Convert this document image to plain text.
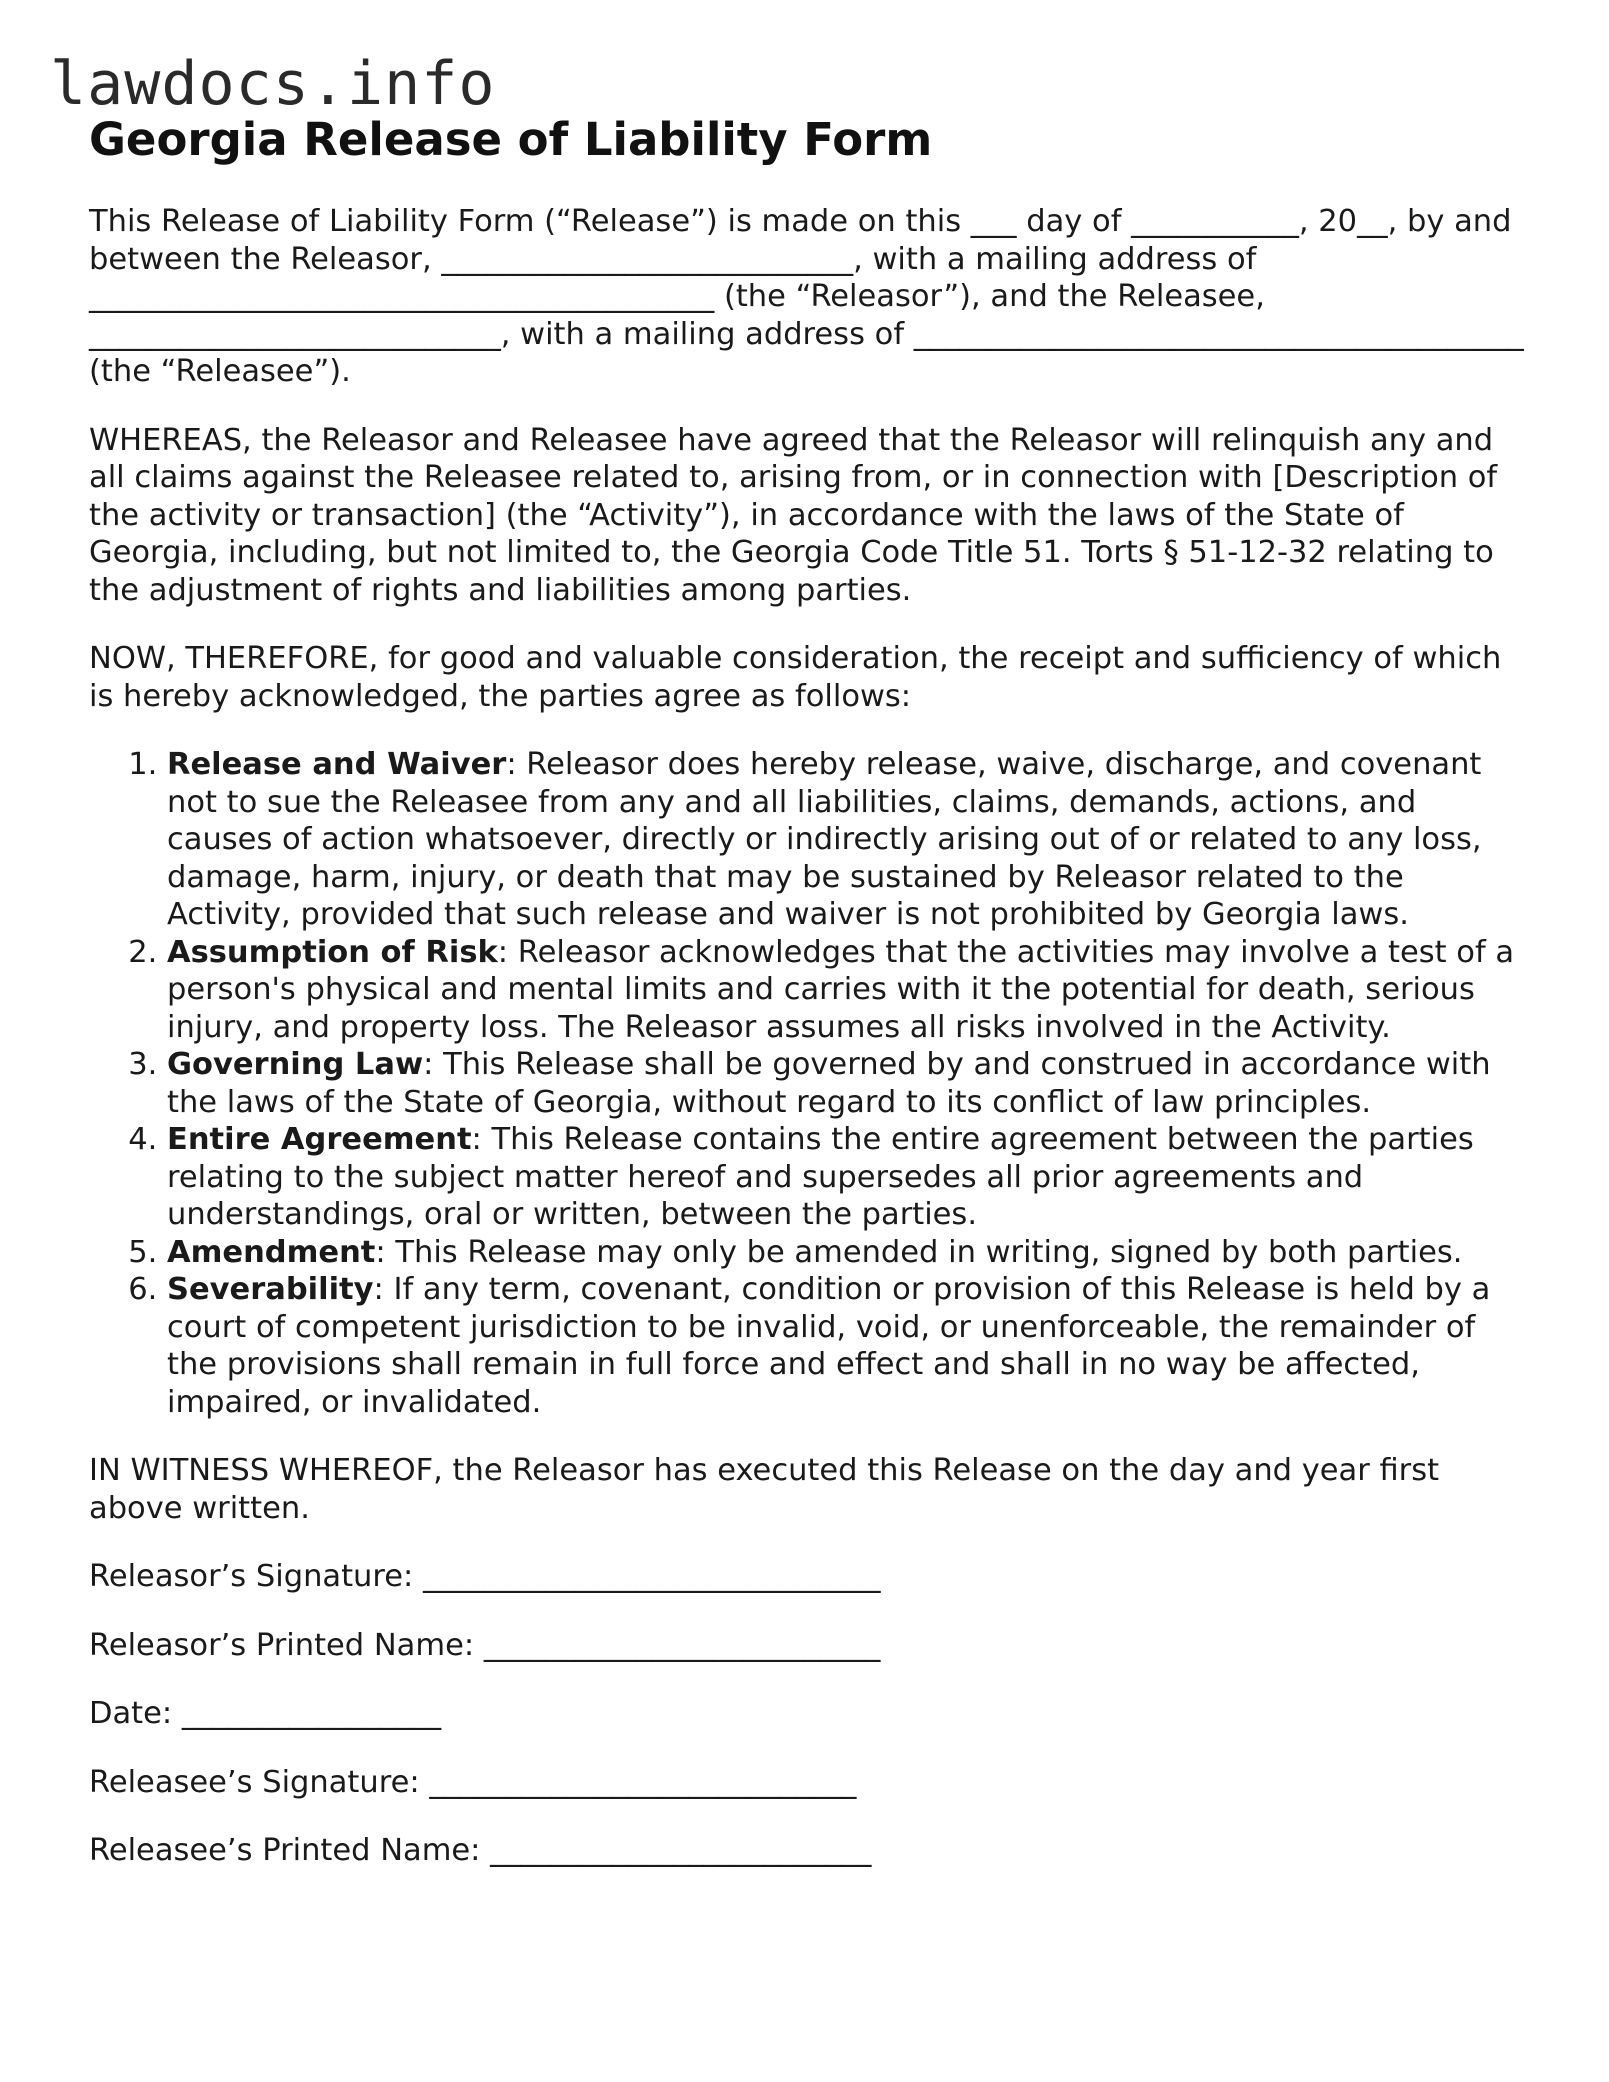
lawdocs.info
Georgia Release of Liability Form

This Release of Liability Form (“Release”) is made on this ___ day of ___________, 20__, by and between the Releasor, ___________________________, with a mailing address of _________________________________________ (the “Releasor”), and the Releasee, ___________________________, with a mailing address of ________________________________________ (the “Releasee”).

WHEREAS, the Releasor and Releasee have agreed that the Releasor will relinquish any and all claims against the Releasee related to, arising from, or in connection with [Description of the activity or transaction] (the “Activity”), in accordance with the laws of the State of Georgia, including, but not limited to, the Georgia Code Title 51. Torts § 51-12-32 relating to the adjustment of rights and liabilities among parties.

NOW, THEREFORE, for good and valuable consideration, the receipt and sufficiency of which is hereby acknowledged, the parties agree as follows:

1. Release and Waiver: Releasor does hereby release, waive, discharge, and covenant not to sue the Releasee from any and all liabilities, claims, demands, actions, and causes of action whatsoever, directly or indirectly arising out of or related to any loss, damage, harm, injury, or death that may be sustained by Releasor related to the Activity, provided that such release and waiver is not prohibited by Georgia laws.
2. Assumption of Risk: Releasor acknowledges that the activities may involve a test of a person's physical and mental limits and carries with it the potential for death, serious injury, and property loss. The Releasor assumes all risks involved in the Activity.
3. Governing Law: This Release shall be governed by and construed in accordance with the laws of the State of Georgia, without regard to its conflict of law principles.
4. Entire Agreement: This Release contains the entire agreement between the parties relating to the subject matter hereof and supersedes all prior agreements and understandings, oral or written, between the parties.
5. Amendment: This Release may only be amended in writing, signed by both parties.
6. Severability: If any term, covenant, condition or provision of this Release is held by a court of competent jurisdiction to be invalid, void, or unenforceable, the remainder of the provisions shall remain in full force and effect and shall in no way be affected, impaired, or invalidated.

IN WITNESS WHEREOF, the Releasor has executed this Release on the day and year first above written.

Releasor’s Signature: ______________________________

Releasor’s Printed Name: __________________________

Date: _________________

Releasee’s Signature: ____________________________

Releasee’s Printed Name: _________________________
